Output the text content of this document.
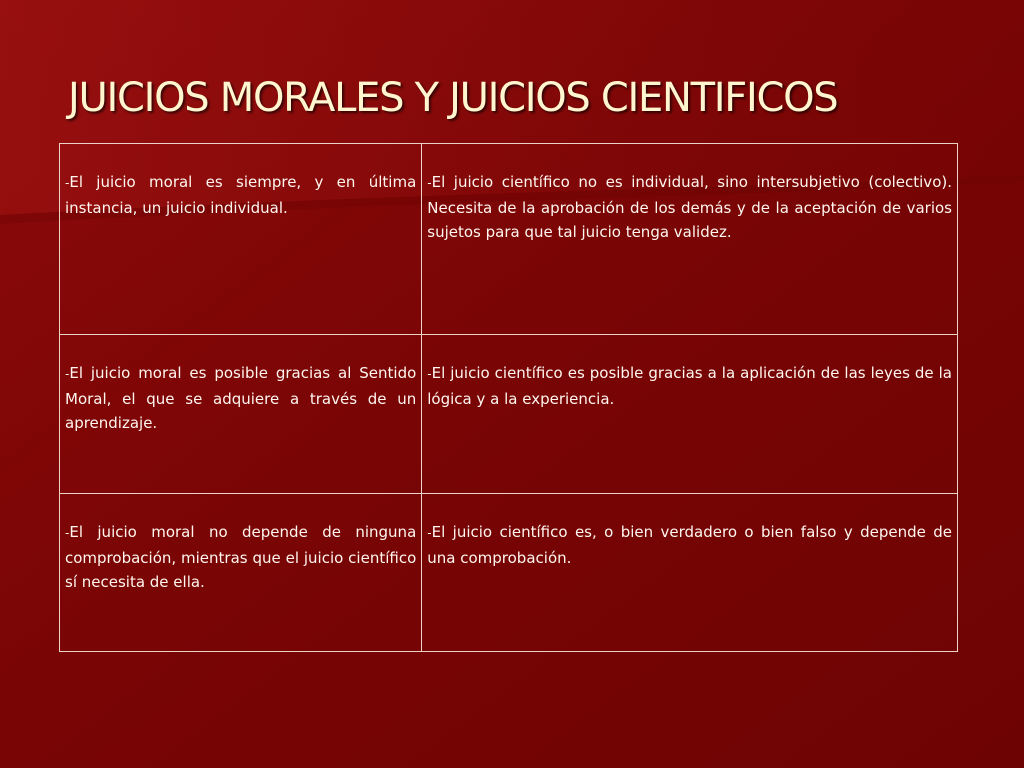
JUICIOS MORALES Y JUICIOS CIENTIFICOS
-El juicio moral es siempre, y en última instancia, un juicio individual.	-El juicio científico no es individual, sino intersubjetivo (colectivo). Necesita de la aprobación de los demás y de la aceptación de varios sujetos para que tal juicio tenga validez.
-El juicio moral es posible gracias al Sentido Moral, el que se adquiere a través de un aprendizaje.	-El juicio científico es posible gracias a la aplicación de las leyes de la lógica y a la experiencia.
-El juicio moral no depende de ninguna comprobación, mientras que el juicio científico sí necesita de ella.	-El juicio científico es, o bien verdadero o bien falso y depende de una comprobación.
